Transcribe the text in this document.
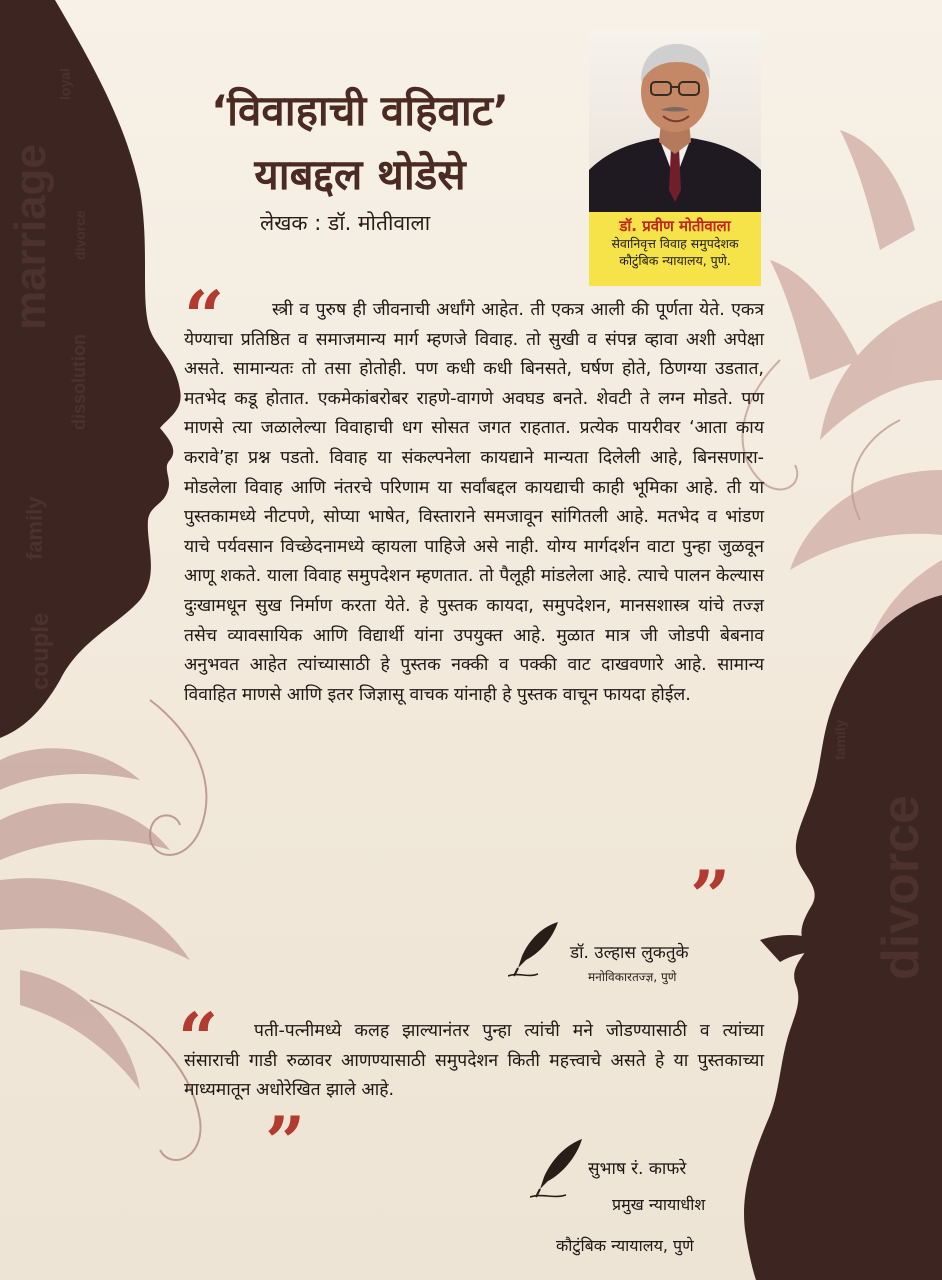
marriage
family
couple
divorce
dissolution
loyal
divorce
family
‘विवाहाची वहिवाट’
याबद्दल थोडेसे
लेखक : डॉ. मोतीवाला	डॉ. प्रवीण मोतीवाला
सेवानिवृत्त विवाह समुपदेशक
कौटुंबिक न्यायालय, पुणे.
“	स्त्री व पुरुष ही जीवनाची अर्धांगे आहेत. ती एकत्र आली की पूर्णता येते. एकत्र येण्याचा प्रतिष्ठित व समाजमान्य मार्ग म्हणजे विवाह. तो सुखी व संपन्न व्हावा अशी अपेक्षा असते. सामान्यतः तो तसा होतोही. पण कधी कधी बिनसते, घर्षण होते, ठिणग्या उडतात, मतभेद कडू होतात. एकमेकांबरोबर राहणे-वागणे अवघड बनते. शेवटी ते लग्न मोडते. पण माणसे त्या जळालेल्या विवाहाची धग सोसत जगत राहतात. प्रत्येक पायरीवर ‘आता काय करावे’हा प्रश्न पडतो. विवाह या संकल्पनेला कायद्याने मान्यता दिलेली आहे, बिनसणारा-मोडलेला विवाह आणि नंतरचे परिणाम या सर्वांबद्दल कायद्याची काही भूमिका आहे. ती या पुस्तकामध्ये नीटपणे, सोप्या भाषेत, विस्ताराने समजावून सांगितली आहे. मतभेद व भांडण याचे पर्यवसान विच्छेदनामध्ये व्हायला पाहिजे असे नाही. योग्य मार्गदर्शन वाटा पुन्हा जुळवून आणू शकते. याला विवाह समुपदेशन म्हणतात. तो पैलूही मांडलेला आहे. त्याचे पालन केल्यास दुःखामधून सुख निर्माण करता येते. हे पुस्तक कायदा, समुपदेशन, मानसशास्त्र यांचे तज्ज्ञ तसेच व्यावसायिक आणि विद्यार्थी यांना उपयुक्त आहे. मुळात मात्र जी जोडपी बेबनाव अनुभवत आहेत त्यांच्यासाठी हे पुस्तक नक्की व पक्की वाट दाखवणारे आहे. सामान्य विवाहित माणसे आणि इतर जिज्ञासू वाचक यांनाही हे पुस्तक वाचून फायदा होईल.

”
डॉ. उल्हास लुकतुके
मनोविकारतज्ज्ञ, पुणे
“	पती-पत्नीमध्ये कलह झाल्यानंतर पुन्हा त्यांची मने जोडण्यासाठी व त्यांच्या संसाराची गाडी रुळावर आणण्यासाठी समुपदेशन किती महत्त्वाचे असते हे या पुस्तकाच्या माध्यमातून अधोरेखित झाले आहे.

”	सुभाष रं. काफरे
प्रमुख न्यायाधीश
कौटुंबिक न्यायालय, पुणे
